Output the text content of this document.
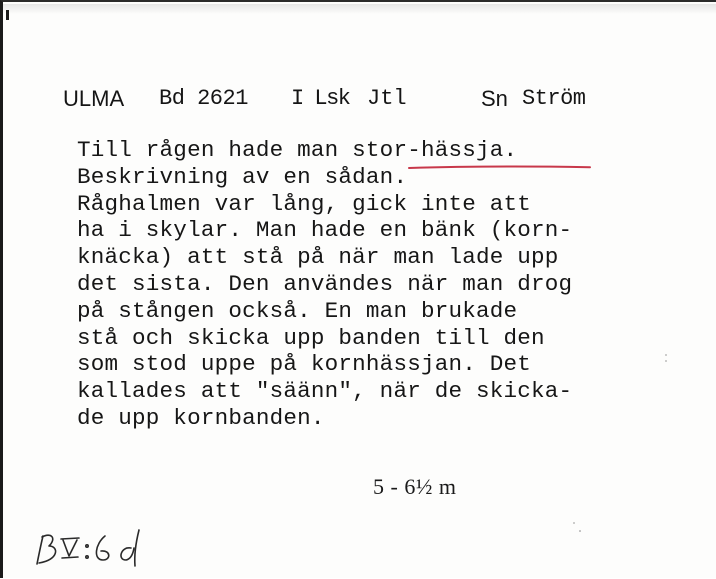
ULMA Bd 2621 I Lsk Jtl	Sn Ström
Till rågen hade man stor-hässja.
Beskrivning av en sådan.
Råghalmen var lång, gick inte att
ha i skylar. Man hade en bänk (korn-
knäcka) att stå på när man lade upp
det sista. Den användes när man drog
på stången också. En man brukade
stå och skicka upp banden till den
som stod uppe på kornhässjan. Det
kallades att "säänn", när de skicka-
de upp kornbanden.
5 - 6½ m
